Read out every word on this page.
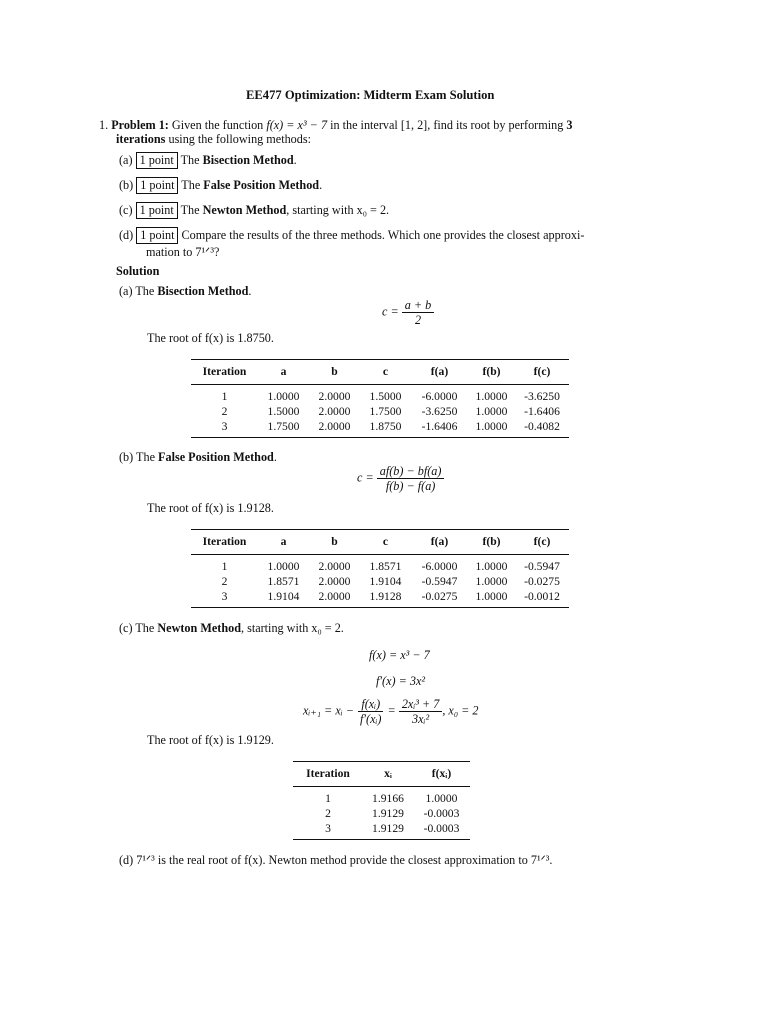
EE477 Optimization: Midterm Exam Solution
1. Problem 1: Given the function f(x) = x³ − 7 in the interval [1, 2], find its root by performing 3
iterations using the following methods:
(a) 1 point The Bisection Method.
(b) 1 point The False Position Method.
(c) 1 point The Newton Method, starting with x₀ = 2.
(d) 1 point Compare the results of the three methods. Which one provides the closest approxi-
mation to 7¹ᐟ³?
Solution
(a) The Bisection Method.
$c = \frac{a + b}{2}$
The root of f(x) is 1.8750.
Iteration	a	b	c	f(a)	f(b)	f(c)
1	1.0000	2.0000	1.5000	-6.0000	1.0000	-3.6250
2	1.5000	2.0000	1.7500	-3.6250	1.0000	-1.6406
3	1.7500	2.0000	1.8750	-1.6406	1.0000	-0.4082

(b) The False Position Method.
$c = \frac{af(b) - bf(a)}{f(b) - f(a)}$
The root of f(x) is 1.9128.
Iteration	a	b	c	f(a)	f(b)	f(c)
1	1.0000	2.0000	1.8571	-6.0000	1.0000	-0.5947
2	1.8571	2.0000	1.9104	-0.5947	1.0000	-0.0275
3	1.9104	2.0000	1.9128	-0.0275	1.0000	-0.0012

(c) The Newton Method, starting with x₀ = 2.
f(x) = x³ − 7
f′(x) = 3x²
xᵢ₊₁ = xᵢ − $\frac{\text{f(xᵢ)}}{\text{f′(xᵢ)}} = \frac{\text{2xᵢ³ + 7}}{\text{3xᵢ²}}$ , x₀ = 2
The root of f(x) is 1.9129.
Iteration	xᵢ	f(xᵢ)
1	1.9166	1.0000
2	1.9129	-0.0003
3	1.9129	-0.0003

(d) 7¹ᐟ³ is the real root of f(x). Newton method provide the closest approximation to 7¹ᐟ³.
